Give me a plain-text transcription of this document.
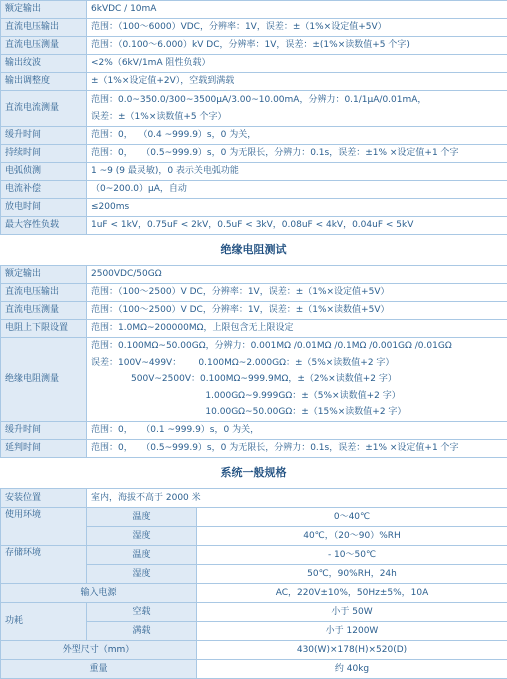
额定输出	6kVDC / 10mA

直流电压输出	范围：（100～6000）VDC，分辨率：1V，误差：±（1%×设定值+5V）

直流电压测量	范围：（0.100～6.000）kV DC，分辨率：1V，误差：±(1%×读数值+5 个字)

输出纹波	<2%（6kV/1mA 阻性负载）

输出调整度	±（1%×设定值+2V），空载到满载

直流电流测量	范围：0.0~350.0/300~3500μA/3.00~10.00mA，分辨力：0.1/1μA/0.01mA，
误差：±（1%×读数值+5 个字）

缓升时间	范围：0，  （0.4 ~999.9）s，0 为关，

持续时间	范围：0，   （0.5~999.9）s，0 为无限长，分辨力：0.1s，误差：±1% ×设定值+1 个字

电弧侦测	1 ~9 (9 最灵敏)，0 表示关电弧功能

电流补偿	（0~200.0）μA，自动

放电时间	≤200ms

最大容性负载	1uF < 1kV，0.75uF < 2kV，0.5uF < 3kV，0.08uF < 4kV，0.04uF < 5kV
绝缘电阻测试
额定输出	2500VDC/50GΩ

直流电压输出	范围：（100～2500）V DC，分辨率：1V，误差：±（1%×设定值+5V）

直流电压测量	范围：（100～2500）V DC，分辨率：1V，误差：±（1%×读数值+5V）

电阻上下限设置	范围：1.0MΩ~200000MΩ，上限包含无上限设定

绝缘电阻测量	范围：0.100MΩ~50.00GΩ，分辨力：0.001MΩ /0.01MΩ /0.1MΩ /0.001GΩ /0.01GΩ
误差：100V~499V：      0.100MΩ~2.000GΩ：±（5%×读数值+2 字）
500V~2500V：0.100MΩ~999.9MΩ，±（2%×读数值+2 字）
1.000GΩ~9.999GΩ：±（5%×读数值+2 字）
10.00GΩ~50.00GΩ：±（15%×读数值+2 字）

缓升时间	范围：0，   （0.1 ~999.9）s，0 为关，

延判时间	范围：0，   （0.5~999.9）s，0 为无限长，分辨力：0.1s，误差：±1% ×设定值+1 个字
系统一般规格
安装位置	室内，海拔不高于 2000 米	
使用环境	温度	0～40℃
	湿度	40℃，（20～90）%RH
存储环境	温度	- 10～50℃
	湿度	50℃，90%RH，24h
输入电源		AC，220V±10%，50Hz±5%，10A
功耗	空载	小于 50W
	满载	小于 1200W
外型尺寸（mm）		430(W)×178(H)×520(D)
重量		约 40kg
